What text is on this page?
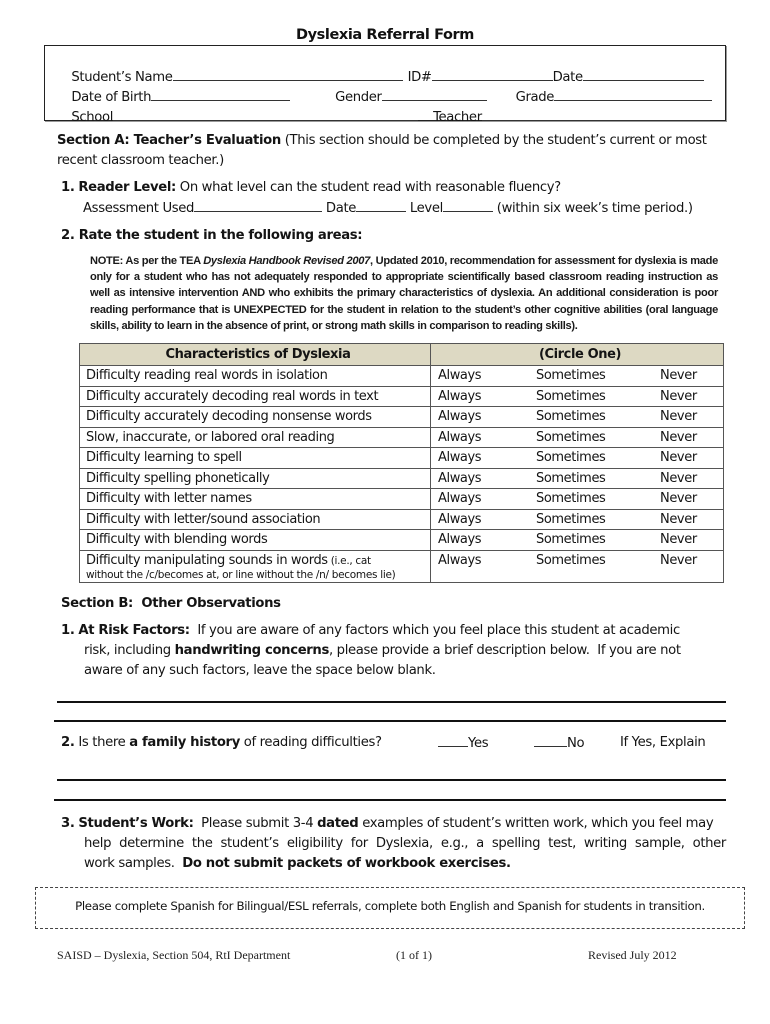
Dyslexia Referral Form

Student’s Name	ID#	Date

Date of Birth	Gender	Grade

School	Teacher

Section A: Teacher’s Evaluation (This section should be completed by the student’s current or most
recent classroom teacher.)
1. Reader Level: On what level can the student read with reasonable fluency?
Assessment Used	Date	Level	(within six week’s time period.)
2. Rate the student in the following areas:
NOTE: As per the TEA Dyslexia Handbook Revised 2007, Updated 2010, recommendation for assessment for dyslexia is made only for a student who has not adequately responded to appropriate scientifically based classroom reading instruction as well as intensive intervention AND who exhibits the primary characteristics of dyslexia. An additional consideration is poor reading performance that is UNEXPECTED for the student in relation to the student’s other cognitive abilities (oral language skills, ability to learn in the absence of print, or strong math skills in comparison to reading skills).
Characteristics of Dyslexia	(Circle One)
Difficulty reading real words in isolation	Always Sometimes Never
Difficulty accurately decoding real words in text	Always Sometimes Never
Difficulty accurately decoding nonsense words	Always Sometimes Never
Slow, inaccurate, or labored oral reading	Always Sometimes Never
Difficulty learning to spell	Always Sometimes Never
Difficulty spelling phonetically	Always Sometimes Never
Difficulty with letter names	Always Sometimes Never
Difficulty with letter/sound association	Always Sometimes Never
Difficulty with blending words	Always Sometimes Never
Difficulty manipulating sounds in words (i.e., cat
without the /c/becomes at, or line without the /n/ becomes lie)	Always Sometimes Never
Section B:  Other Observations
1. At Risk Factors:  If you are aware of any factors which you feel place this student at academic
risk, including handwriting concerns, please provide a brief description below.  If you are not
aware of any such factors, leave the space below blank.
2. Is there a family history of reading difficulties?	Yes	No	If Yes, Explain
3. Student’s Work:  Please submit 3-4 dated examples of student’s written work, which you feel may
help determine the student’s eligibility for Dyslexia, e.g., a spelling test, writing sample, other
work samples.  Do not submit packets of workbook exercises.
Please complete Spanish for Bilingual/ESL referrals, complete both English and Spanish for students in transition.
SAISD – Dyslexia, Section 504, RtI Department	(1 of 1)	Revised July 2012
